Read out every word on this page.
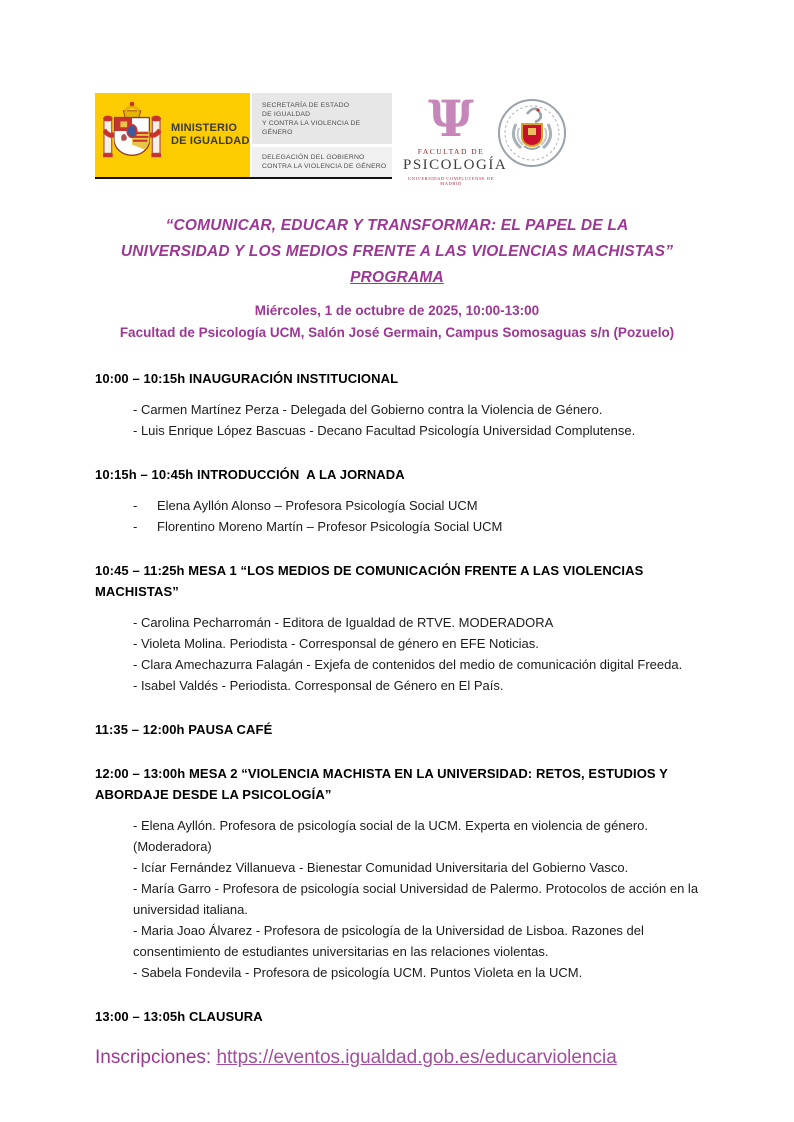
MINISTERIO
DE IGUALDAD
SECRETARÍA DE ESTADO
DE IGUALDAD
Y CONTRA LA VIOLENCIA DE GÉNERO
DELEGACIÓN DEL GOBIERNO
CONTRA LA VIOLENCIA DE GÉNERO
Ψ
FACULTAD DE
PSICOLOGÍA
UNIVERSIDAD COMPLUTENSE DE MADRID
“COMUNICAR, EDUCAR Y TRANSFORMAR: EL PAPEL DE LA
UNIVERSIDAD Y LOS MEDIOS FRENTE A LAS VIOLENCIAS MACHISTAS”
PROGRAMA
Miércoles, 1 de octubre de 2025, 10:00-13:00
Facultad de Psicología UCM, Salón José Germain, Campus Somosaguas s/n (Pozuelo)
10:00 – 10:15h INAUGURACIÓN INSTITUCIONAL

- Carmen Martínez Perza - Delegada del Gobierno contra la Violencia de Género.

- Luis Enrique López Bascuas - Decano Facultad Psicología Universidad Complutense.

10:15h – 10:45h INTRODUCCIÓN  A LA JORNADA

-	Elena Ayllón Alonso – Profesora Psicología Social UCM

-	Florentino Moreno Martín – Profesor Psicología Social UCM

10:45 – 11:25h MESA 1 “LOS MEDIOS DE COMUNICACIÓN FRENTE A LAS VIOLENCIAS MACHISTAS”

- Carolina Pecharromán - Editora de Igualdad de RTVE. MODERADORA

- Violeta Molina. Periodista - Corresponsal de género en EFE Noticias.

- Clara Amechazurra Falagán - Exjefa de contenidos del medio de comunicación digital Freeda.

- Isabel Valdés - Periodista. Corresponsal de Género en El País.

11:35 – 12:00h PAUSA CAFÉ
12:00 – 13:00h MESA 2 “VIOLENCIA MACHISTA EN LA UNIVERSIDAD: RETOS, ESTUDIOS Y ABORDAJE DESDE LA PSICOLOGÍA”

- Elena Ayllón. Profesora de psicología social de la UCM. Experta en violencia de género. (Moderadora)

- Icíar Fernández Villanueva - Bienestar Comunidad Universitaria del Gobierno Vasco.

- María Garro - Profesora de psicología social Universidad de Palermo. Protocolos de acción en la universidad italiana.

- Maria Joao Álvarez - Profesora de psicología de la Universidad de Lisboa. Razones del consentimiento de estudiantes universitarias en las relaciones violentas.

- Sabela Fondevila - Profesora de psicología UCM. Puntos Violeta en la UCM.

13:00 – 13:05h CLAUSURA

Inscripciones: https://eventos.igualdad.gob.es/educarviolencia
